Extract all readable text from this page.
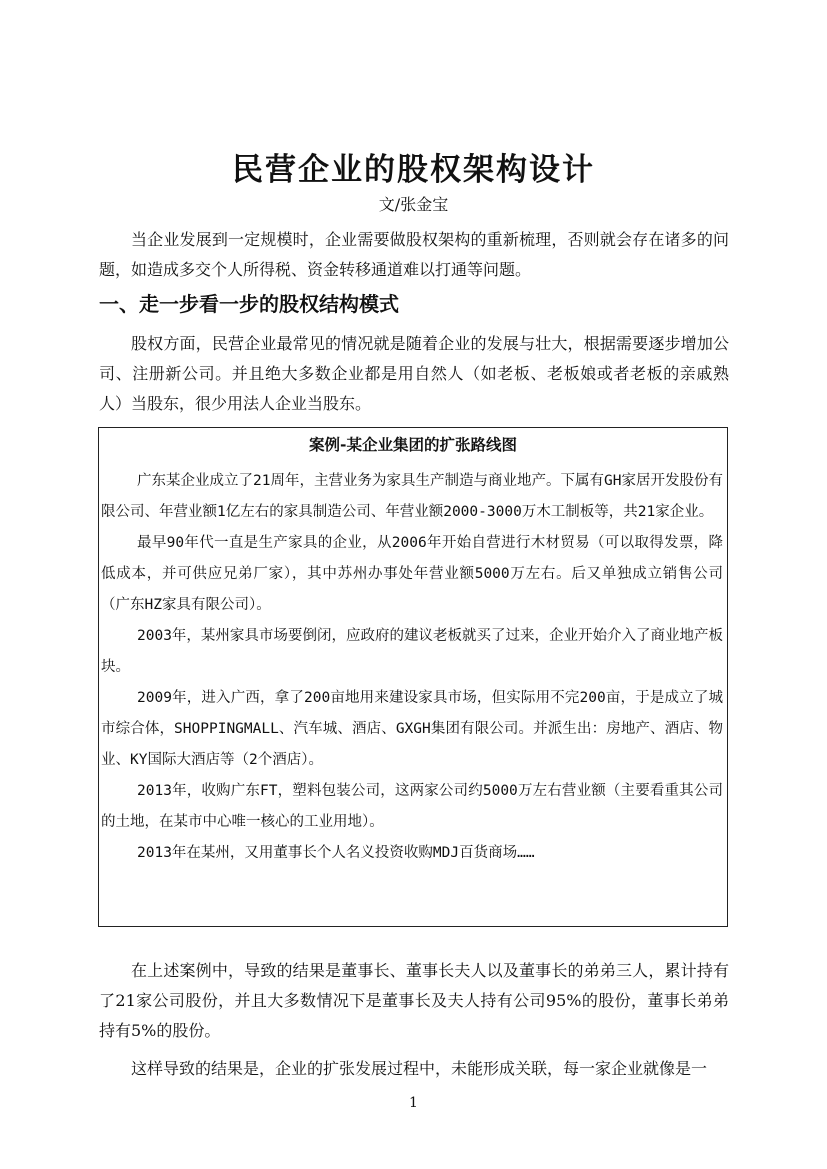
民营企业的股权架构设计
文/张金宝

当企业发展到一定规模时，企业需要做股权架构的重新梳理，否则就会存在诸多的问题，如造成多交个人所得税、资金转移通道难以打通等问题。

一、走一步看一步的股权结构模式

股权方面，民营企业最常见的情况就是随着企业的发展与壮大，根据需要逐步增加公司、注册新公司。并且绝大多数企业都是用自然人（如老板、老板娘或者老板的亲戚熟人）当股东，很少用法人企业当股东。

案例-某企业集团的扩张路线图

广东某企业成立了21周年，主营业务为家具生产制造与商业地产。下属有GH家居开发股份有限公司、年营业额1亿左右的家具制造公司、年营业额2000-3000万木工制板等，共21家企业。

最早90年代一直是生产家具的企业，从2006年开始自营进行木材贸易（可以取得发票，降低成本，并可供应兄弟厂家），其中苏州办事处年营业额5000万左右。后又单独成立销售公司（广东HZ家具有限公司）。

2003年，某州家具市场要倒闭，应政府的建议老板就买了过来，企业开始介入了商业地产板块。

2009年，进入广西，拿了200亩地用来建设家具市场，但实际用不完200亩，于是成立了城市综合体，SHOPPINGMALL、汽车城、酒店、GXGH集团有限公司。并派生出：房地产、酒店、物业、KY国际大酒店等（2个酒店）。

2013年，收购广东FT，塑料包装公司，这两家公司约5000万左右营业额（主要看重其公司的土地，在某市中心唯一核心的工业用地）。

2013年在某州，又用董事长个人名义投资收购MDJ百货商场……

在上述案例中，导致的结果是董事长、董事长夫人以及董事长的弟弟三人，累计持有了21家公司股份，并且大多数情况下是董事长及夫人持有公司95%的股份，董事长弟弟持有5%的股份。

这样导致的结果是，企业的扩张发展过程中，未能形成关联，每一家企业就像是一

1
